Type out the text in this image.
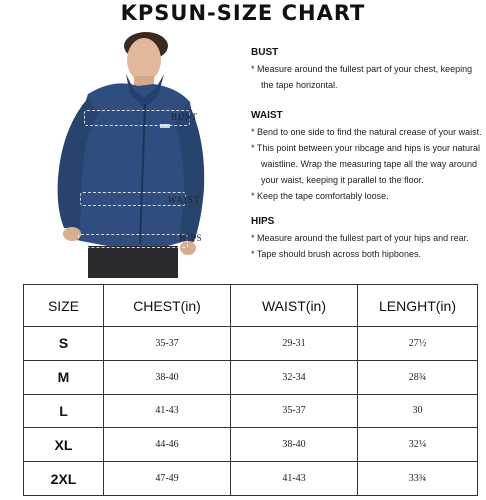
KPSUN-SIZE CHART
BUST
WAIST
HIPS
BUST

* Measure around the fullest part of your chest, keeping

the tape horizontal.

WAIST

* Bend to one side to find the natural crease of your waist.

* This point between your ribcage and hips is your natural

waistline. Wrap the measuring tape all the way around

your waist, keeping it parallel to the floor.

* Keep the tape comfortably loose.

HIPS

* Measure around the fullest part of your hips and rear.

* Tape should brush across both hipbones.

SIZE	CHEST(in)	WAIST(in)	LENGHT(in)
S	35-37	29-31	27½
M	38-40	32-34	28¾
L	41-43	35-37	30
XL	44-46	38-40	32¼
2XL	47-49	41-43	33¾
